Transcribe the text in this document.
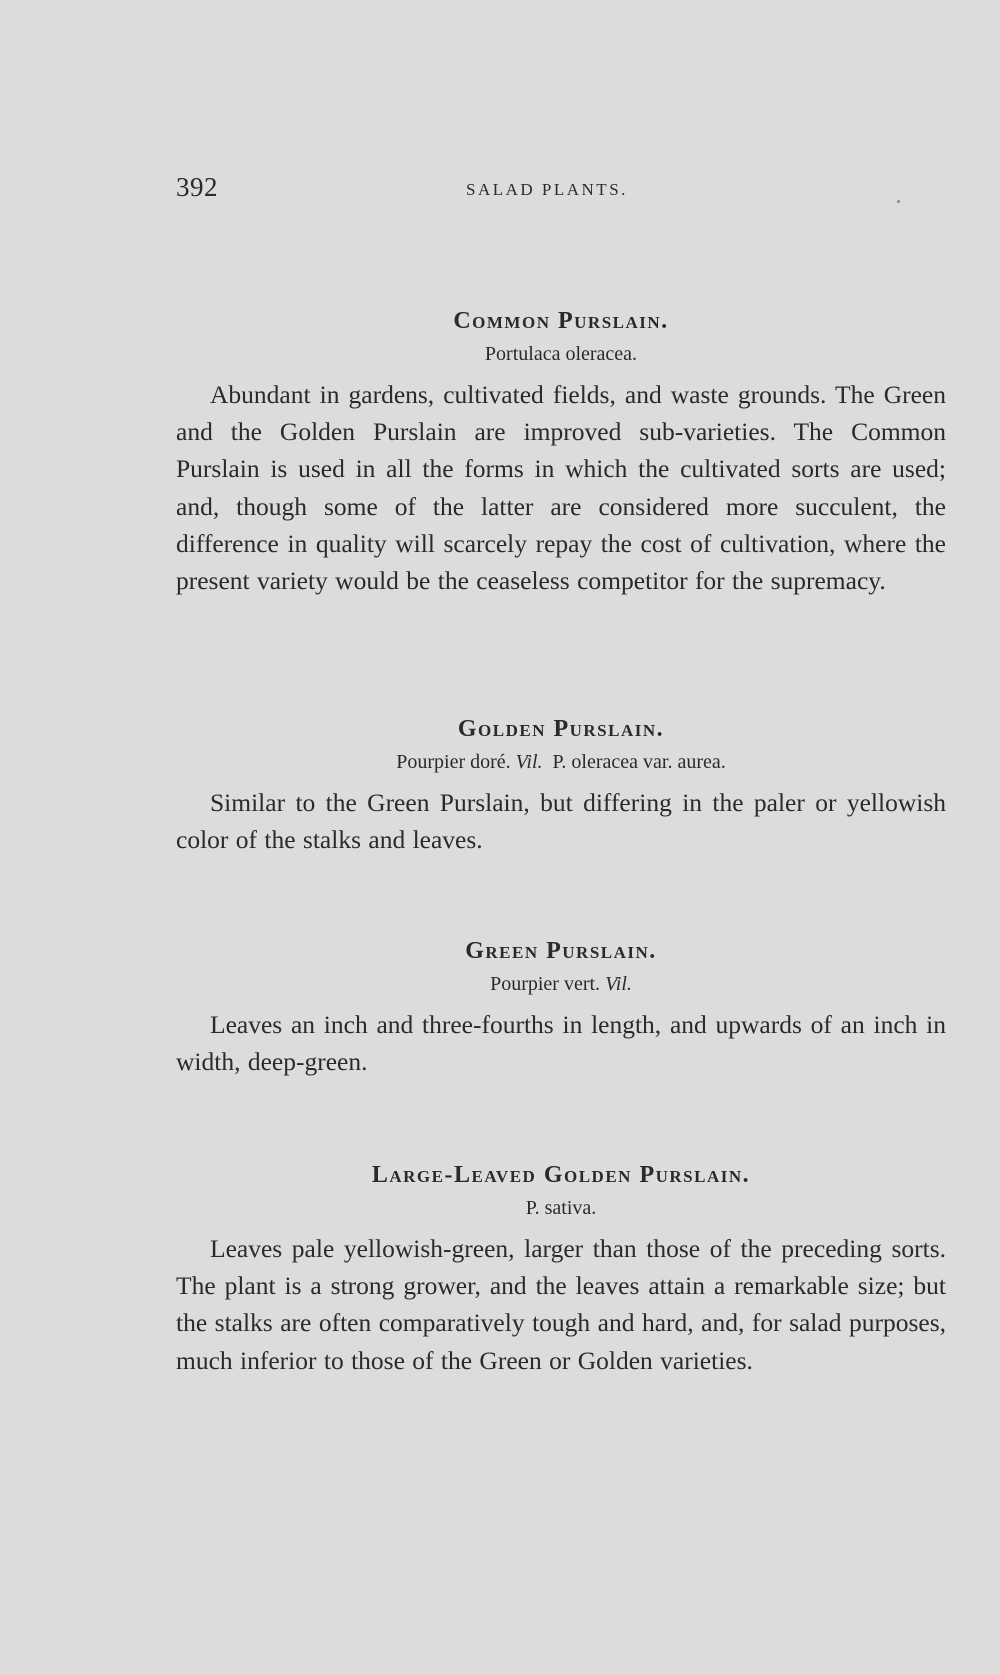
392	SALAD PLANTS.
Common Purslain.

Portulaca oleracea.

Abundant in gardens, cultivated fields, and waste grounds. The Green and the Golden Purslain are improved sub-varieties. The Common Purslain is used in all the forms in which the cultivated sorts are used; and, though some of the latter are considered more succulent, the difference in quality will scarcely repay the cost of cultivation, where the present variety would be the ceaseless competitor for the supremacy.

Golden Purslain.

Pourpier doré. Vil.  P. oleracea var. aurea.

Similar to the Green Purslain, but differing in the paler or yellowish color of the stalks and leaves.

Green Purslain.

Pourpier vert. Vil.

Leaves an inch and three-fourths in length, and upwards of an inch in width, deep-green.

Large-Leaved Golden Purslain.

P. sativa.

Leaves pale yellowish-green, larger than those of the preceding sorts. The plant is a strong grower, and the leaves attain a remarkable size; but the stalks are often comparatively tough and hard, and, for salad purposes, much inferior to those of the Green or Golden varieties.
